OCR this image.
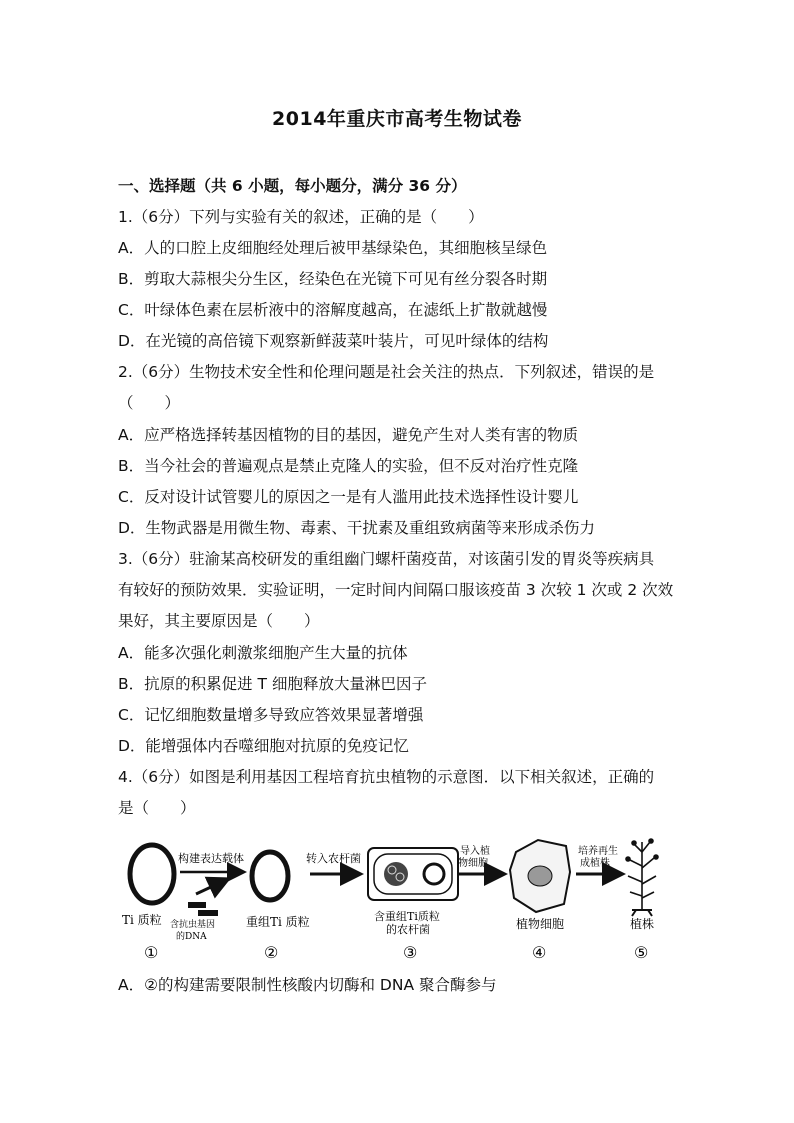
2014年重庆市高考生物试卷
一、选择题（共 6 小题，每小题分，满分 36 分）
1.（6分）下列与实验有关的叙述，正确的是（　　）
A．人的口腔上皮细胞经处理后被甲基绿染色，其细胞核呈绿色
B．剪取大蒜根尖分生区，经染色在光镜下可见有丝分裂各时期
C．叶绿体色素在层析液中的溶解度越高，在滤纸上扩散就越慢
D．在光镜的高倍镜下观察新鲜菠菜叶装片，可见叶绿体的结构
2.（6分）生物技术安全性和伦理问题是社会关注的热点．下列叙述，错误的是
（　　）
A．应严格选择转基因植物的目的基因，避免产生对人类有害的物质
B．当今社会的普遍观点是禁止克隆人的实验，但不反对治疗性克隆
C．反对设计试管婴儿的原因之一是有人滥用此技术选择性设计婴儿
D．生物武器是用微生物、毒素、干扰素及重组致病菌等来形成杀伤力
3.（6分）驻渝某高校研发的重组幽门螺杆菌疫苗，对该菌引发的胃炎等疾病具
有较好的预防效果．实验证明，一定时间内间隔口服该疫苗 3 次较 1 次或 2 次效
果好，其主要原因是（　　）
A．能多次强化刺激浆细胞产生大量的抗体
B．抗原的积累促进 T 细胞释放大量淋巴因子
C．记忆细胞数量增多导致应答效果显著增强
D．能增强体内吞噬细胞对抗原的免疫记忆
4.（6分）如图是利用基因工程培育抗虫植物的示意图．以下相关叙述，正确的
是（　　）
Ti 质粒 含抗虫基因
的DNA
①
构建表达载体
重组Ti 质粒
②
转入农杆菌
含重组Ti质粒
的农杆菌
③
导入植
物细胞
植物细胞
④
培养再生
成植株
植株
⑤
A．②的构建需要限制性核酸内切酶和 DNA 聚合酶参与
